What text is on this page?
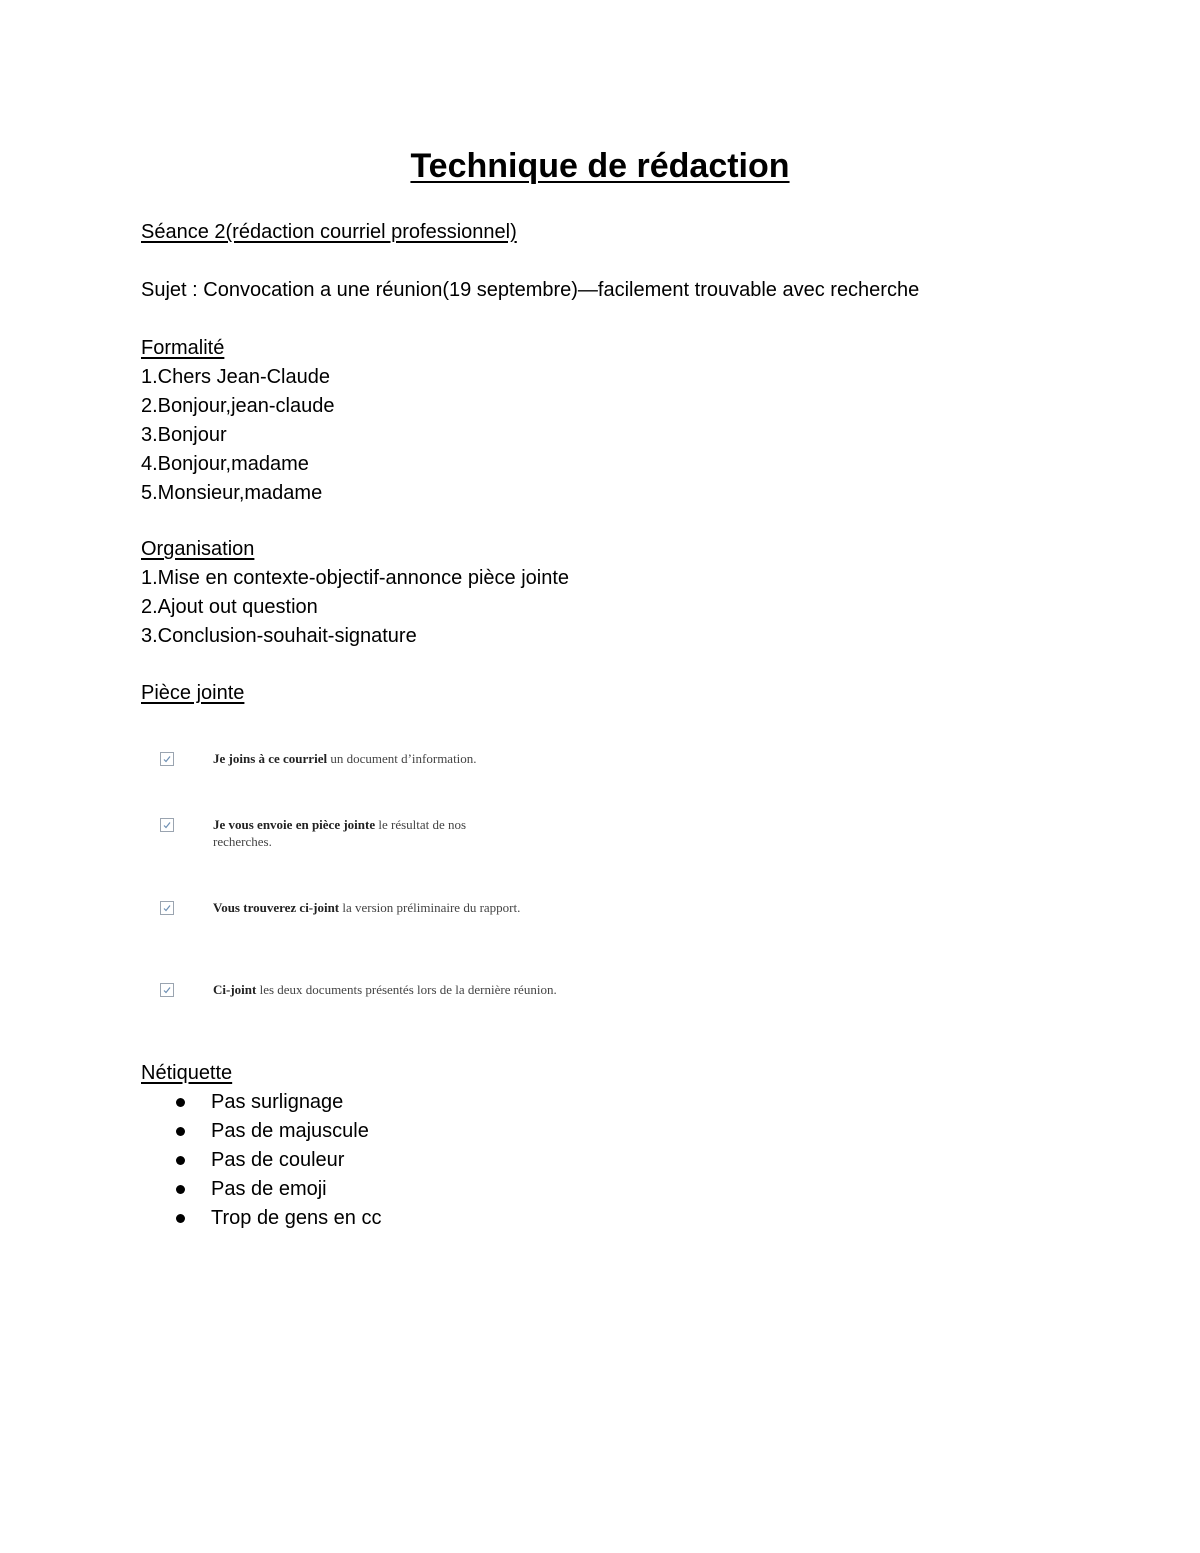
Technique de rédaction
Séance 2(rédaction courriel professionnel)
Sujet : Convocation a une réunion(19 septembre)—facilement trouvable avec recherche
Formalité
1.Chers Jean-Claude
2.Bonjour,jean-claude
3.Bonjour
4.Bonjour,madame
5.Monsieur,madame
Organisation
1.Mise en contexte-objectif-annonce pièce jointe
2.Ajout out question
3.Conclusion-souhait-signature
Pièce jointe
Je joins à ce courriel un document d’information.
Je vous envoie en pièce jointe le résultat de nos recherches.
Vous trouverez ci-joint la version préliminaire du rapport.
Ci-joint les deux documents présentés lors de la dernière réunion.
Nétiquette
Pas surlignage
Pas de majuscule
Pas de couleur
Pas de emoji
Trop de gens en cc
